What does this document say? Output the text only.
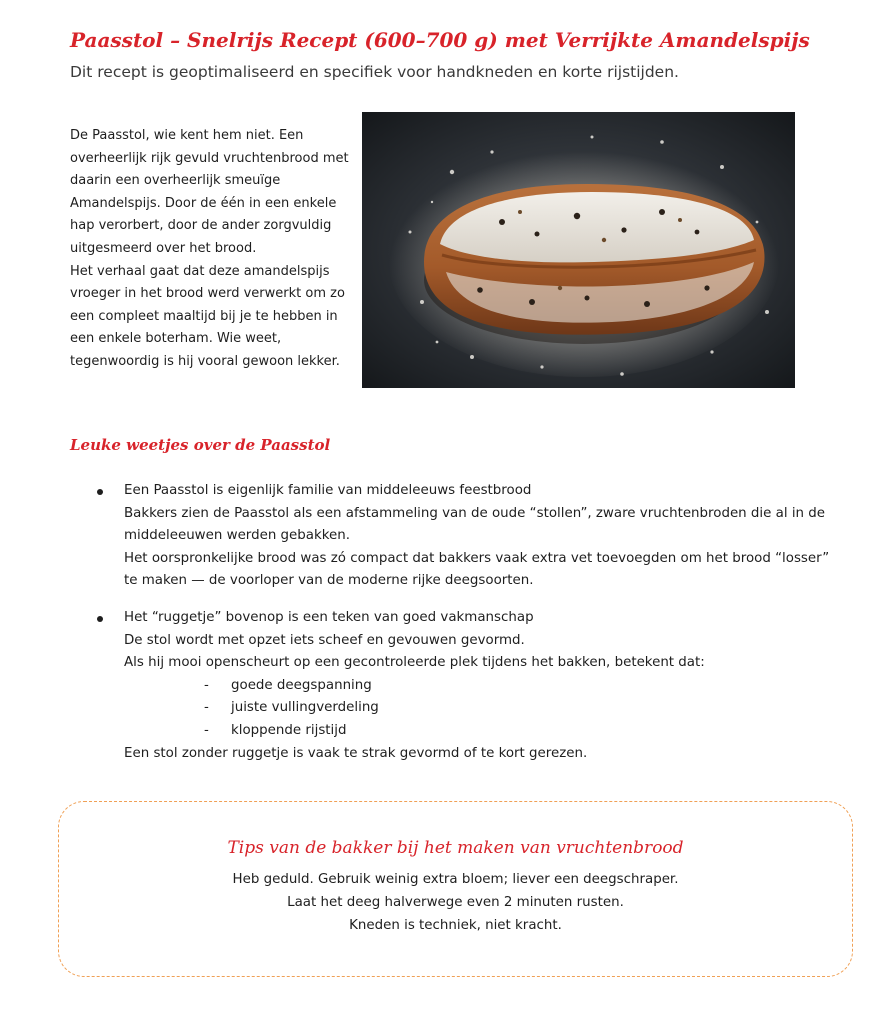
Paasstol – Snelrijs Recept (600–700 g) met Verrijkte Amandelspijs

Dit recept is geoptimaliseerd en specifiek voor handkneden en korte rijstijden.

De Paasstol, wie kent hem niet. Een overheerlijk rijk gevuld vruchtenbrood met daarin een overheerlijk smeuïge Amandelspijs. Door de één in een enkele hap verorbert, door de ander zorgvuldig uitgesmeerd over het brood.

Het verhaal gaat dat deze amandelspijs vroeger in het brood werd verwerkt om zo een compleet maaltijd bij je te hebben in een enkele boterham. Wie weet, tegenwoordig is hij vooral gewoon lekker.

Leuke weetjes over de Paasstol

Een Paasstol is eigenlijk familie van middeleeuws feestbrood

Bakkers zien de Paasstol als een afstammeling van de oude “stollen”, zware vruchtenbroden die al in de middeleeuwen werden gebakken.

Het oorspronkelijke brood was zó compact dat bakkers vaak extra vet toevoegden om het brood “losser” te maken — de voorloper van de moderne rijke deegsoorten.

Het “ruggetje” bovenop is een teken van goed vakmanschap

De stol wordt met opzet iets scheef en gevouwen gevormd.

Als hij mooi openscheurt op een gecontroleerde plek tijdens het bakken, betekent dat:

- goede deegspanning
- juiste vullingverdeling
- kloppende rijstijd

Een stol zonder ruggetje is vaak te strak gevormd of te kort gerezen.

Tips van de bakker bij het maken van vruchtenbrood

Heb geduld. Gebruik weinig extra bloem; liever een deegschraper.

Laat het deeg halverwege even 2 minuten rusten.

Kneden is techniek, niet kracht.
